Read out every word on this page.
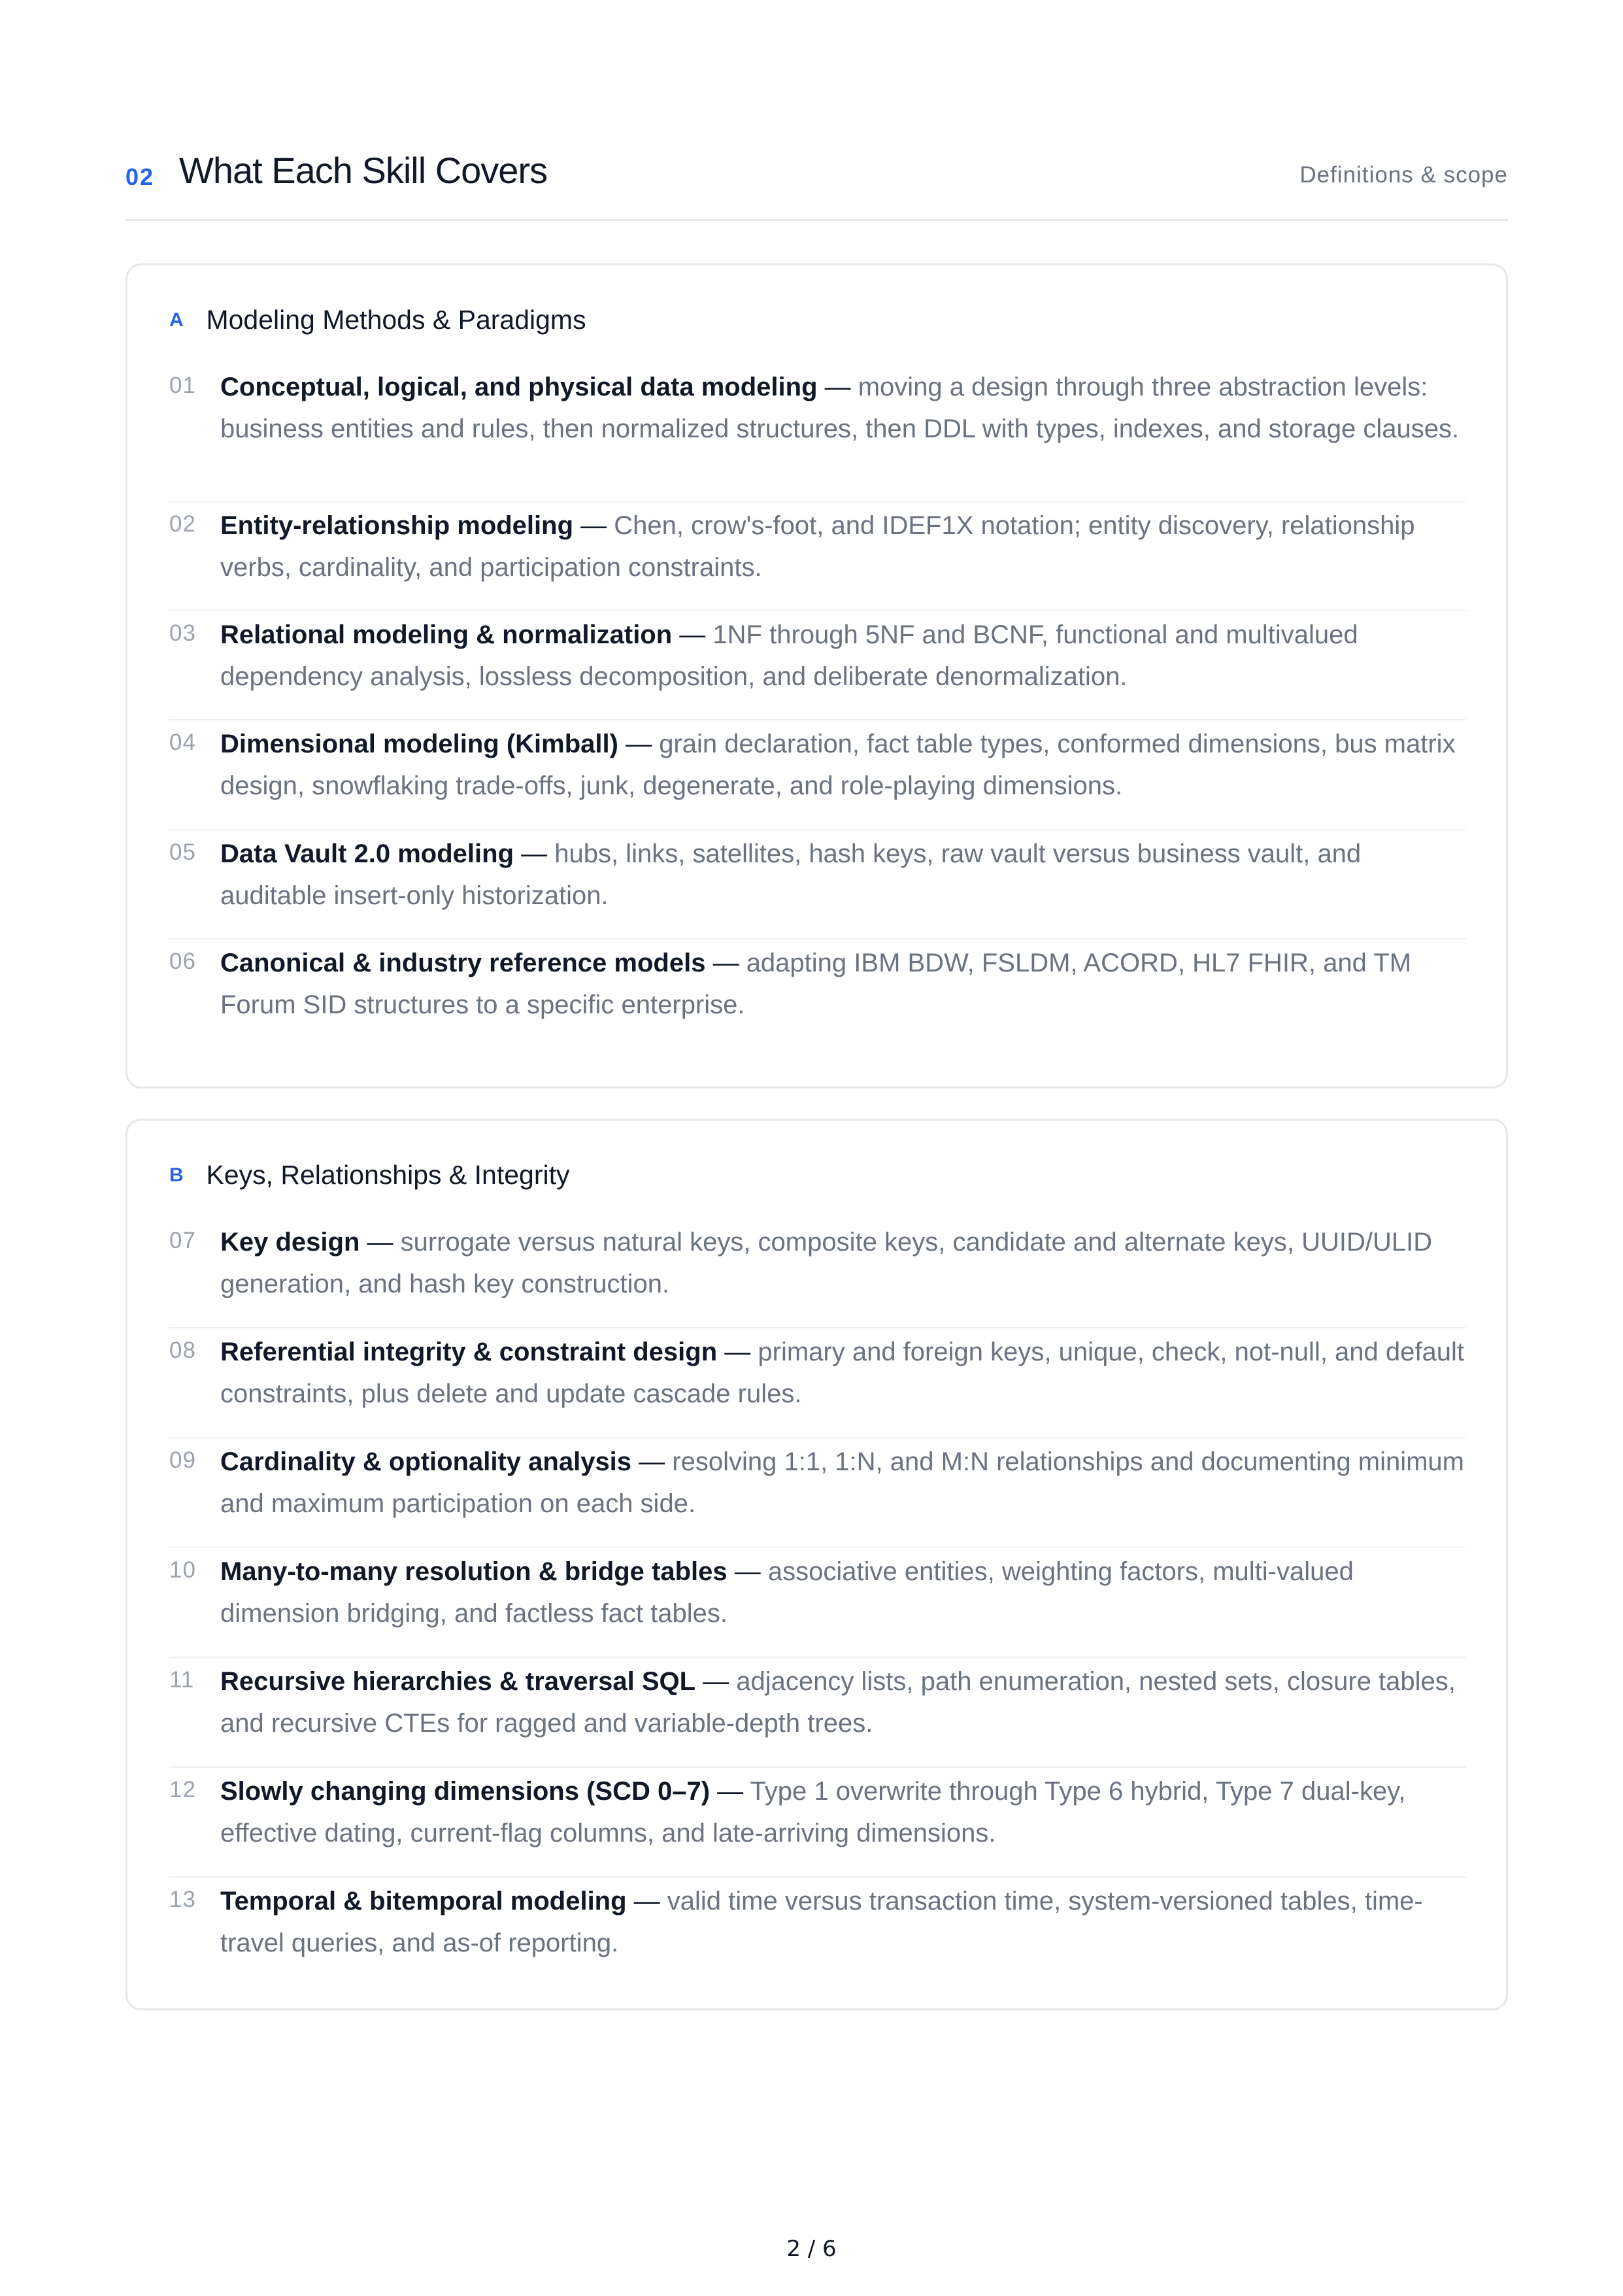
02 What Each Skill Covers	Definitions & scope
A Modeling Methods & Paradigms
01 Conceptual, logical, and physical data modeling — moving a design through three abstraction levels: business entities and rules, then normalized structures, then DDL with types, indexes, and storage clauses.
02 Entity-relationship modeling — Chen, crow's-foot, and IDEF1X notation; entity discovery, relationship verbs, cardinality, and participation constraints.
03 Relational modeling & normalization — 1NF through 5NF and BCNF, functional and multivalued dependency analysis, lossless decomposition, and deliberate denormalization.
04 Dimensional modeling (Kimball) — grain declaration, fact table types, conformed dimensions, bus matrix design, snowflaking trade-offs, junk, degenerate, and role-playing dimensions.
05 Data Vault 2.0 modeling — hubs, links, satellites, hash keys, raw vault versus business vault, and auditable insert-only historization.
06 Canonical & industry reference models — adapting IBM BDW, FSLDM, ACORD, HL7 FHIR, and TM Forum SID structures to a specific enterprise.
B Keys, Relationships & Integrity
07 Key design — surrogate versus natural keys, composite keys, candidate and alternate keys, UUID/ULID generation, and hash key construction.
08 Referential integrity & constraint design — primary and foreign keys, unique, check, not-null, and default constraints, plus delete and update cascade rules.
09 Cardinality & optionality analysis — resolving 1:1, 1:N, and M:N relationships and documenting minimum and maximum participation on each side.
10 Many-to-many resolution & bridge tables — associative entities, weighting factors, multi-valued dimension bridging, and factless fact tables.
11 Recursive hierarchies & traversal SQL — adjacency lists, path enumeration, nested sets, closure tables, and recursive CTEs for ragged and variable-depth trees.
12 Slowly changing dimensions (SCD 0–7) — Type 1 overwrite through Type 6 hybrid, Type 7 dual-key, effective dating, current-flag columns, and late-arriving dimensions.
13 Temporal & bitemporal modeling — valid time versus transaction time, system-versioned tables, time-travel queries, and as-of reporting.
2 / 6
